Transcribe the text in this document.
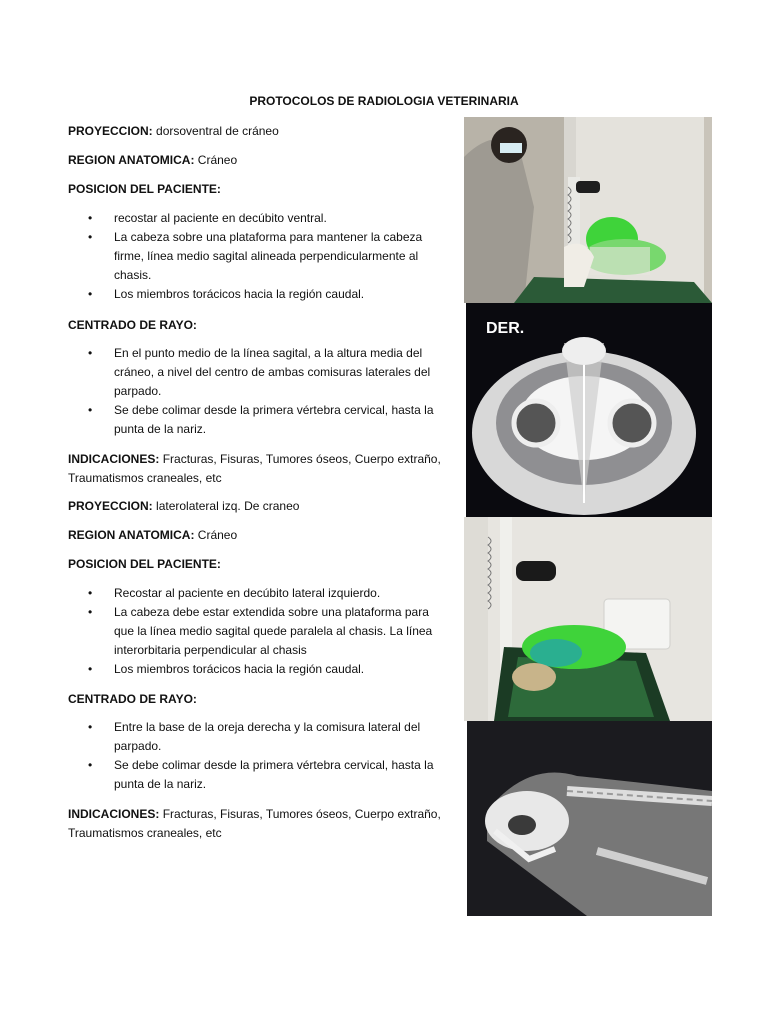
PROTOCOLOS DE RADIOLOGIA VETERINARIA
PROYECCION: dorsoventral de cráneo
REGION ANATOMICA: Cráneo
POSICION DEL PACIENTE:
• recostar al paciente en decúbito ventral.
• La cabeza sobre una plataforma para mantener la cabeza firme, línea medio sagital alineada perpendicularmente al chasis.
• Los miembros torácicos hacia la región caudal.
CENTRADO DE RAYO:
• En el punto medio de la línea sagital, a la altura media del cráneo, a nivel del centro de ambas comisuras laterales del parpado.
• Se debe colimar desde la primera vértebra cervical, hasta la punta de la nariz.
INDICACIONES: Fracturas, Fisuras, Tumores óseos, Cuerpo extraño, Traumatismos craneales, etc
PROYECCION: laterolateral izq. De craneo
REGION ANATOMICA: Cráneo
POSICION DEL PACIENTE:
• Recostar al paciente en decúbito lateral izquierdo.
• La cabeza debe estar extendida sobre una plataforma para que la línea medio sagital quede paralela al chasis. La línea interorbitaria perpendicular al chasis
• Los miembros torácicos hacia la región caudal.
CENTRADO DE RAYO:
• Entre la base de la oreja derecha y la comisura lateral del parpado.
• Se debe colimar desde la primera vértebra cervical, hasta la punta de la nariz.
INDICACIONES: Fracturas, Fisuras, Tumores óseos, Cuerpo extraño, Traumatismos craneales, etc
DER.
